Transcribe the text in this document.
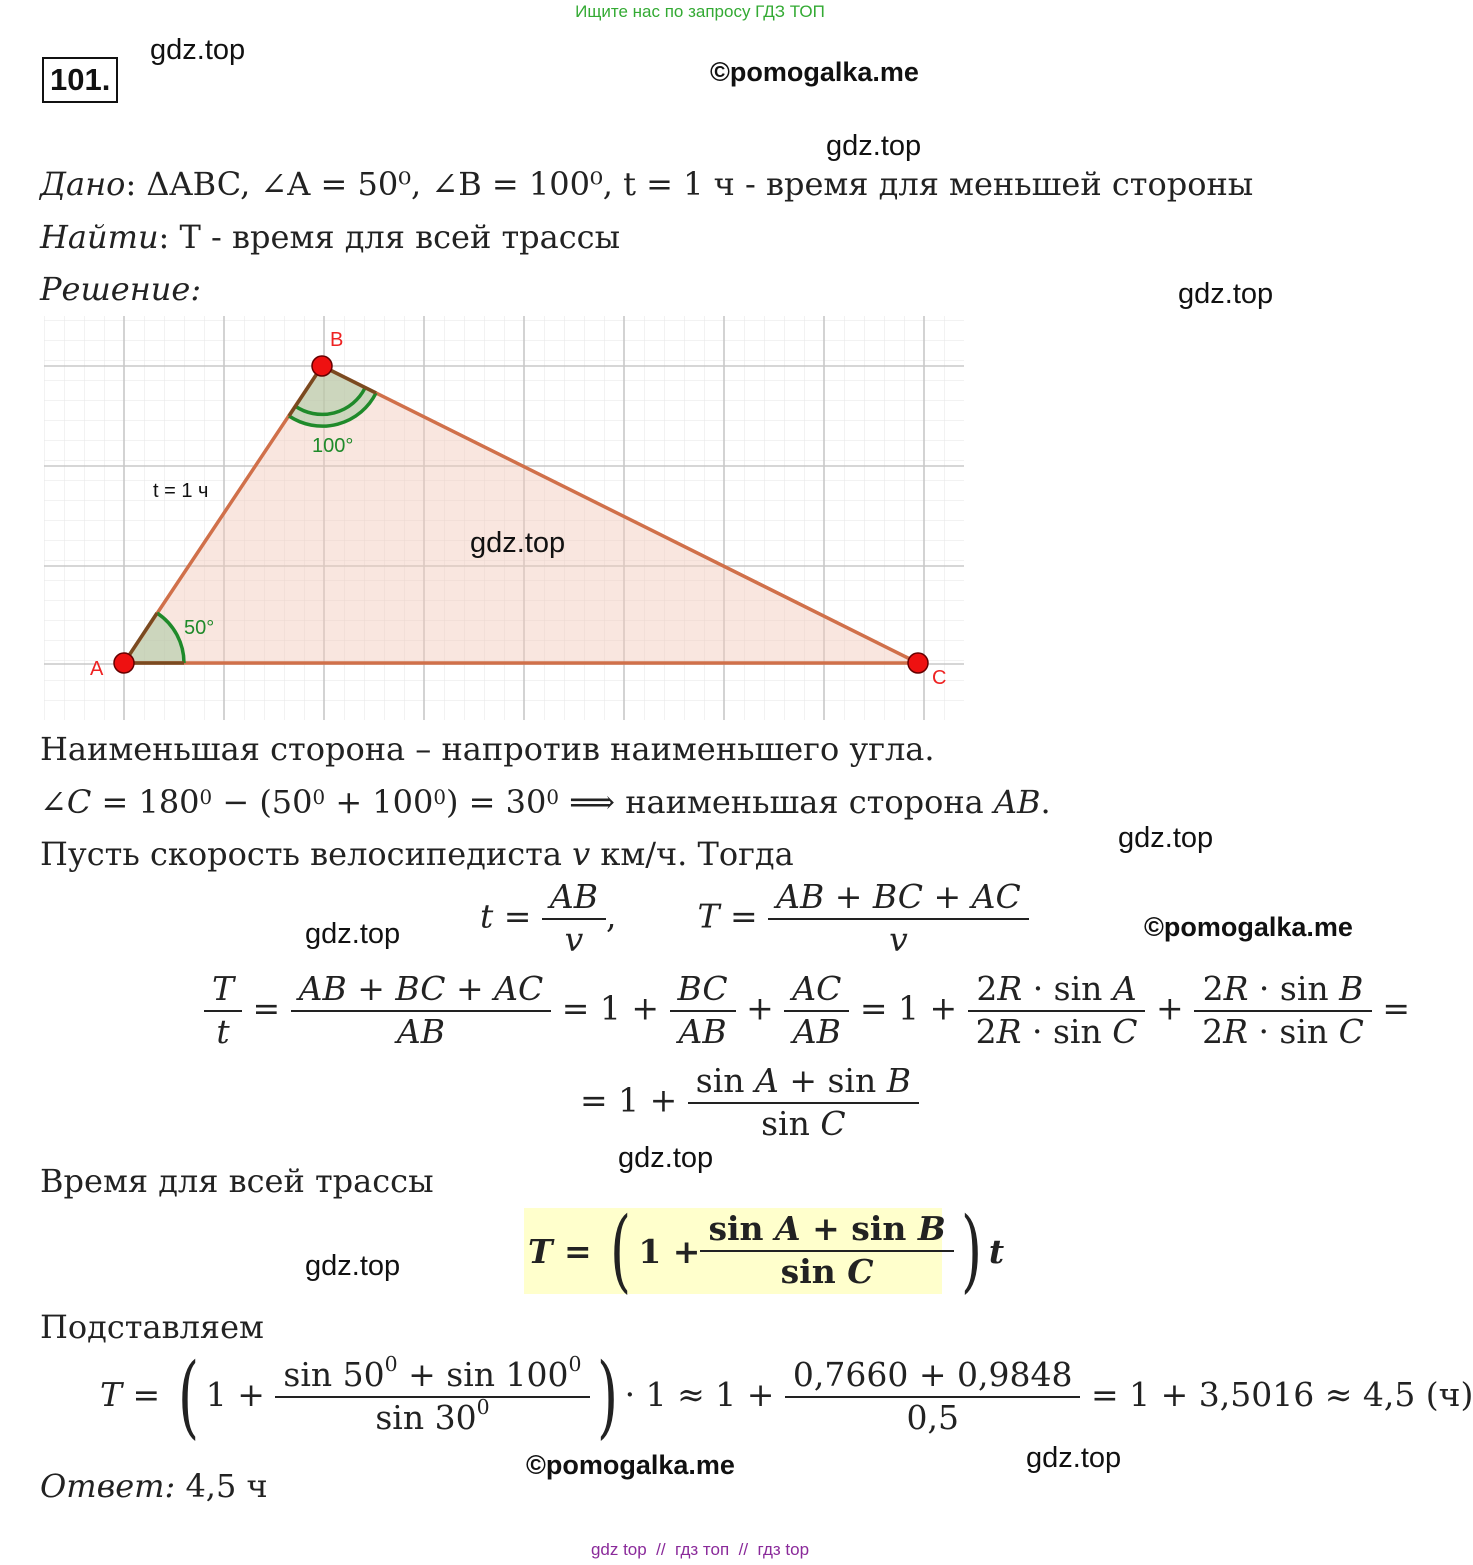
Ищите нас по запросу ГДЗ ТОП
101.
gdz.top
©pomogalka.me
gdz.top
gdz.top
gdz.top
gdz.top	©pomogalka.me
gdz.top
gdz.top
©pomogalka.me	gdz.top
Дано: ΔABC, ∠A = 50⁰, ∠B = 100⁰, t = 1 ч - время для меньшей стороны
Найти: T - время для всей трассы
Решение:
A
B
C
50°
100°
t = 1 ч
gdz.top
Наименьшая сторона – напротив наименьшего угла.
∠C = $180^0 - (50^0 + 100^0) = 30^0$ ⟹ наименьшая сторона AB.
Пусть скорость велосипедиста v км/ч. Тогда
$t = \frac{AB}{v}$ ,  $T = \frac{AB + BC + AC}{v}$
$\frac{T}{t} = \frac{AB + BC + AC}{AB} = 1 + \frac{BC}{AB} + \frac{AC}{AB} = 1 + \frac{\text{2R · sin A}}{\text{2R · sin C}} + \frac{\text{2R · sin B}}{\text{2R · sin C}}$ =
= $1 + \frac{\text{sin A + sin B}}{\text{sin C}}$
Время для всей трассы
T = ( $1 + \frac{\text{sin A + sin B}}{\text{sin C}}$ ) t
Подставляем
T = ( $1 + \frac{\sin 50^0 + \sin 100^0}{\sin 30^0}$ ) · $1 \approx 1 + \frac{0,7660 + 0,9848}{0,5} = 1 + 3,5016 \approx 4,5$ (ч)
Ответ: 4,5 ч
gdz top  //  гдз топ  //  гдз top
